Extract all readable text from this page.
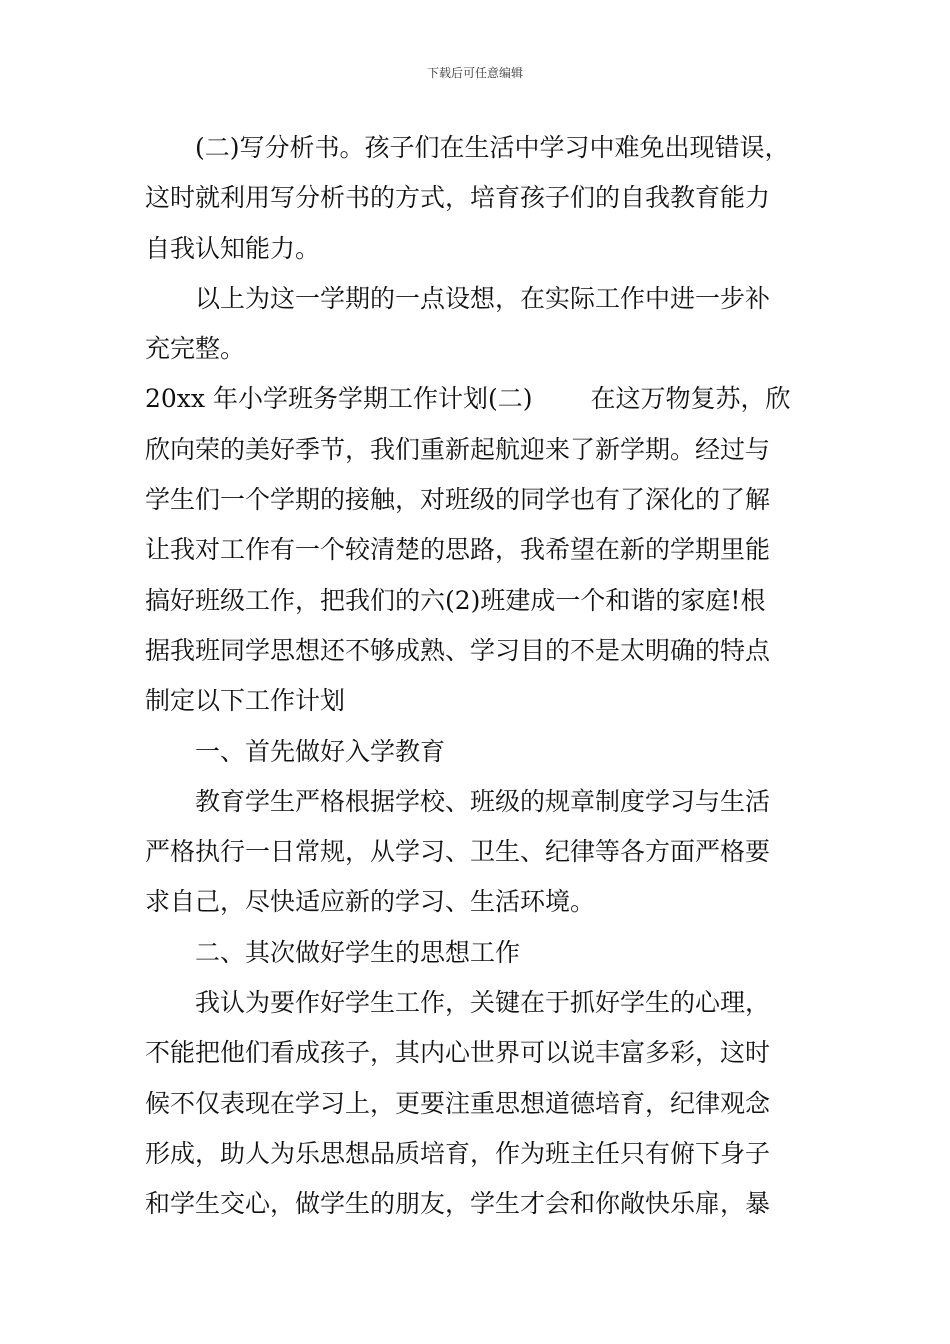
下载后可任意编辑
(二)写分析书。孩子们在生活中学习中难免出现错误，
这时就利用写分析书的方式，培育孩子们的自我教育能力
自我认知能力。
以上为这一学期的一点设想，在实际工作中进一步补
充完整。
20xx 年小学班务学期工作计划(二) 在这万物复苏，欣
欣向荣的美好季节，我们重新起航迎来了新学期。经过与
学生们一个学期的接触，对班级的同学也有了深化的了解
让我对工作有一个较清楚的思路，我希望在新的学期里能
搞好班级工作，把我们的六(2)班建成一个和谐的家庭!根
据我班同学思想还不够成熟、学习目的不是太明确的特点
制定以下工作计划
一、首先做好入学教育
教育学生严格根据学校、班级的规章制度学习与生活
严格执行一日常规，从学习、卫生、纪律等各方面严格要
求自己，尽快适应新的学习、生活环境。
二、其次做好学生的思想工作
我认为要作好学生工作，关键在于抓好学生的心理，
不能把他们看成孩子，其内心世界可以说丰富多彩，这时
候不仅表现在学习上，更要注重思想道德培育，纪律观念
形成，助人为乐思想品质培育，作为班主任只有俯下身子
和学生交心，做学生的朋友，学生才会和你敞快乐扉，暴
